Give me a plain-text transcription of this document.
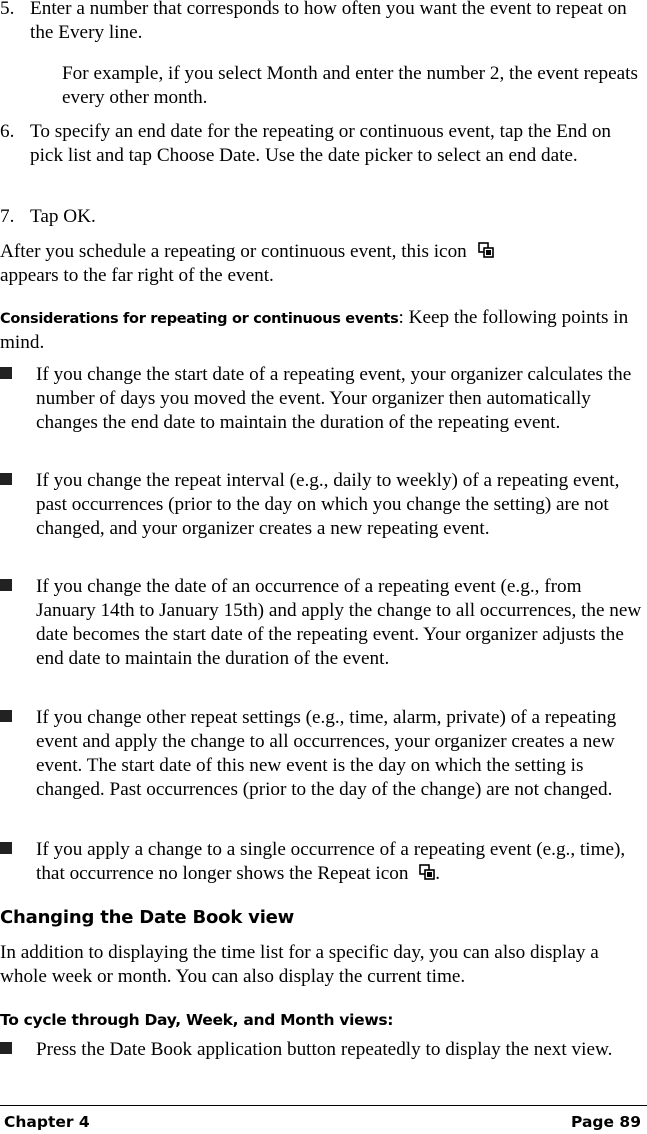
5. Enter a number that corresponds to how often you want the event to repeat on the Every line.
For example, if you select Month and enter the number 2, the event repeats every other month.
6. To specify an end date for the repeating or continuous event, tap the End on pick list and tap Choose Date. Use the date picker to select an end date.
7. Tap OK.
After you schedule a repeating or continuous event, this icon
appears to the far right of the event.
Considerations for repeating or continuous events: Keep the following points in mind.
If you change the start date of a repeating event, your organizer calculates the number of days you moved the event. Your organizer then automatically changes the end date to maintain the duration of the repeating event.
If you change the repeat interval (e.g., daily to weekly) of a repeating event, past occurrences (prior to the day on which you change the setting) are not changed, and your organizer creates a new repeating event.
If you change the date of an occurrence of a repeating event (e.g., from January 14th to January 15th) and apply the change to all occurrences, the new date becomes the start date of the repeating event. Your organizer adjusts the end date to maintain the duration of the event.
If you change other repeat settings (e.g., time, alarm, private) of a repeating event and apply the change to all occurrences, your organizer creates a new event. The start date of this new event is the day on which the setting is changed. Past occurrences (prior to the day of the change) are not changed.
If you apply a change to a single occurrence of a repeating event (e.g., time), that occurrence no longer shows the Repeat icon .
Changing the Date Book view
In addition to displaying the time list for a specific day, you can also display a whole week or month. You can also display the current time.
To cycle through Day, Week, and Month views:
Press the Date Book application button repeatedly to display the next view.
Chapter 4	Page 89
